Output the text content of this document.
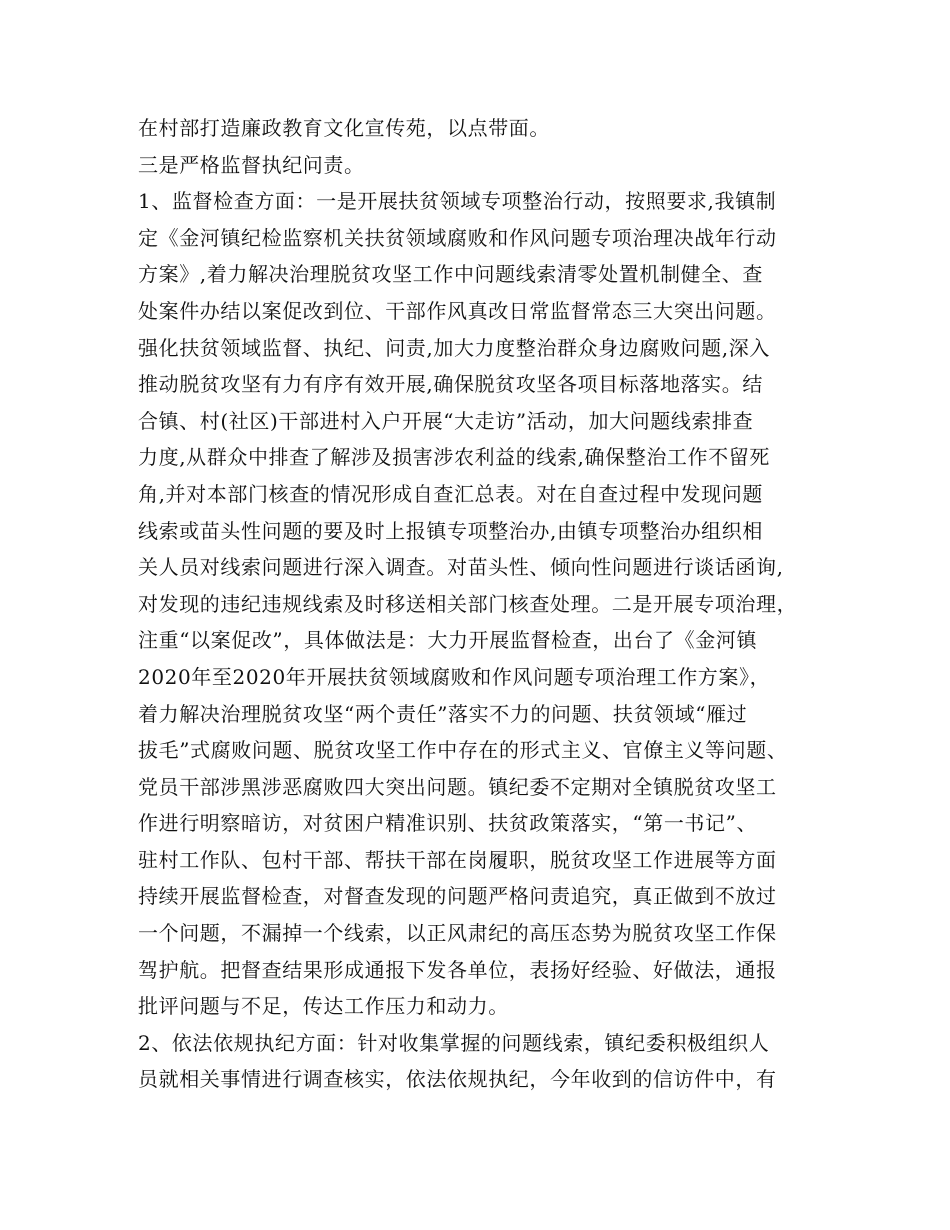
在村部打造廉政教育文化宣传苑，以点带面。
三是严格监督执纪问责。
1、监督检查方面：一是开展扶贫领域专项整治行动，按照要求,我镇制
定《金河镇纪检监察机关扶贫领域腐败和作风问题专项治理决战年行动
方案》,着力解决治理脱贫攻坚工作中问题线索清零处置机制健全、查
处案件办结以案促改到位、干部作风真改日常监督常态三大突出问题。
强化扶贫领域监督、执纪、问责,加大力度整治群众身边腐败问题,深入
推动脱贫攻坚有力有序有效开展,确保脱贫攻坚各项目标落地落实。结
合镇、村(社区)干部进村入户开展“大走访”活动，加大问题线索排查
力度,从群众中排查了解涉及损害涉农利益的线索,确保整治工作不留死
角,并对本部门核查的情况形成自查汇总表。对在自查过程中发现问题
线索或苗头性问题的要及时上报镇专项整治办,由镇专项整治办组织相
关人员对线索问题进行深入调查。对苗头性、倾向性问题进行谈话函询,
对发现的违纪违规线索及时移送相关部门核查处理。二是开展专项治理，
注重“以案促改”，具体做法是：大力开展监督检查，出台了《金河镇
2020年至2020年开展扶贫领域腐败和作风问题专项治理工作方案》，
着力解决治理脱贫攻坚“两个责任”落实不力的问题、扶贫领域“雁过
拔毛”式腐败问题、脱贫攻坚工作中存在的形式主义、官僚主义等问题、
党员干部涉黑涉恶腐败四大突出问题。镇纪委不定期对全镇脱贫攻坚工
作进行明察暗访，对贫困户精准识别、扶贫政策落实，“第一书记”、
驻村工作队、包村干部、帮扶干部在岗履职，脱贫攻坚工作进展等方面
持续开展监督检查，对督查发现的问题严格问责追究，真正做到不放过
一个问题，不漏掉一个线索，以正风肃纪的高压态势为脱贫攻坚工作保
驾护航。把督查结果形成通报下发各单位，表扬好经验、好做法，通报
批评问题与不足，传达工作压力和动力。
2、依法依规执纪方面：针对收集掌握的问题线索，镇纪委积极组织人
员就相关事情进行调查核实，依法依规执纪，今年收到的信访件中，有
